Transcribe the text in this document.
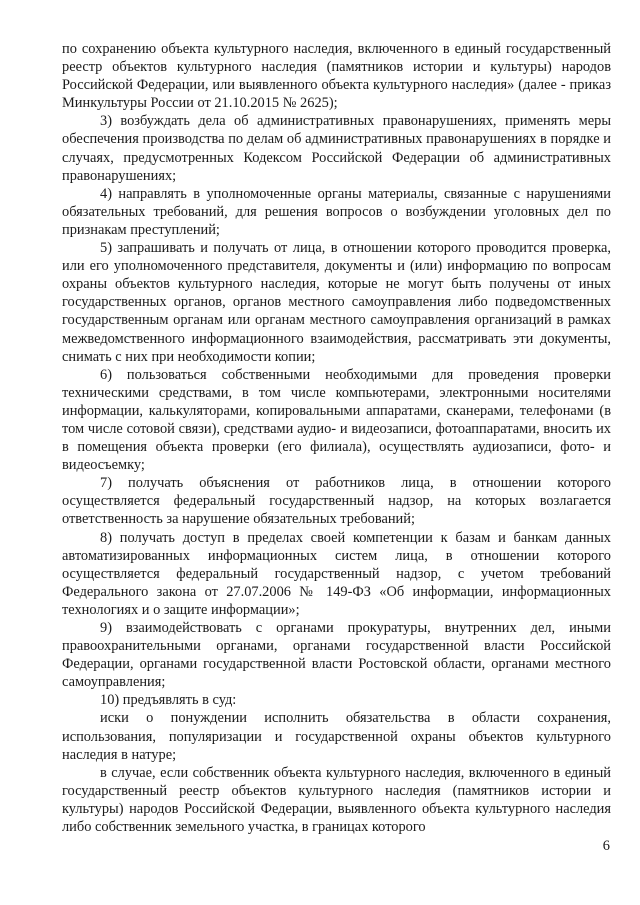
по сохранению объекта культурного наследия, включенного в единый государственный реестр объектов культурного наследия (памятников истории и культуры) народов Российской Федерации, или выявленного объекта культурного наследия» (далее - приказ Минкультуры России от 21.10.2015 № 2625);

3) возбуждать дела об административных правонарушениях, применять меры обеспечения производства по делам об административных правонарушениях в порядке и случаях, предусмотренных Кодексом Российской Федерации об административных правонарушениях;

4) направлять в уполномоченные органы материалы, связанные с нарушениями обязательных требований, для решения вопросов о возбуждении уголовных дел по признакам преступлений;

5) запрашивать и получать от лица, в отношении которого проводится проверка, или его уполномоченного представителя, документы и (или) информацию по вопросам охраны объектов культурного наследия, которые не могут быть получены от иных государственных органов, органов местного самоуправления либо подведомственных государственным органам или органам местного самоуправления организаций в рамках межведомственного информационного взаимодействия, рассматривать эти документы, снимать с них при необходимости копии;

6) пользоваться собственными необходимыми для проведения проверки техническими средствами, в том числе компьютерами, электронными носителями информации, калькуляторами, копировальными аппаратами, сканерами, телефонами (в том числе сотовой связи), средствами аудио- и видеозаписи, фотоаппаратами, вносить их в помещения объекта проверки (его филиала), осуществлять аудиозаписи, фото- и видеосъемку;

7) получать объяснения от работников лица, в отношении которого осуществляется федеральный государственный надзор, на которых возлагается ответственность за нарушение обязательных требований;

8) получать доступ в пределах своей компетенции к базам и банкам данных автоматизированных информационных систем лица, в отношении которого осуществляется федеральный государственный надзор, с учетом требований Федерального закона от 27.07.2006 № 149-ФЗ «Об информации, информационных технологиях и о защите информации»;

9) взаимодействовать с органами прокуратуры, внутренних дел, иными правоохранительными органами, органами государственной власти Российской Федерации, органами государственной власти Ростовской области, органами местного самоуправления;

10) предъявлять в суд:

иски о понуждении исполнить обязательства в области сохранения, использования, популяризации и государственной охраны объектов культурного наследия в натуре;

в случае, если собственник объекта культурного наследия, включенного в единый государственный реестр объектов культурного наследия (памятников истории и культуры) народов Российской Федерации, выявленного объекта культурного наследия либо собственник земельного участка, в границах которого

6
